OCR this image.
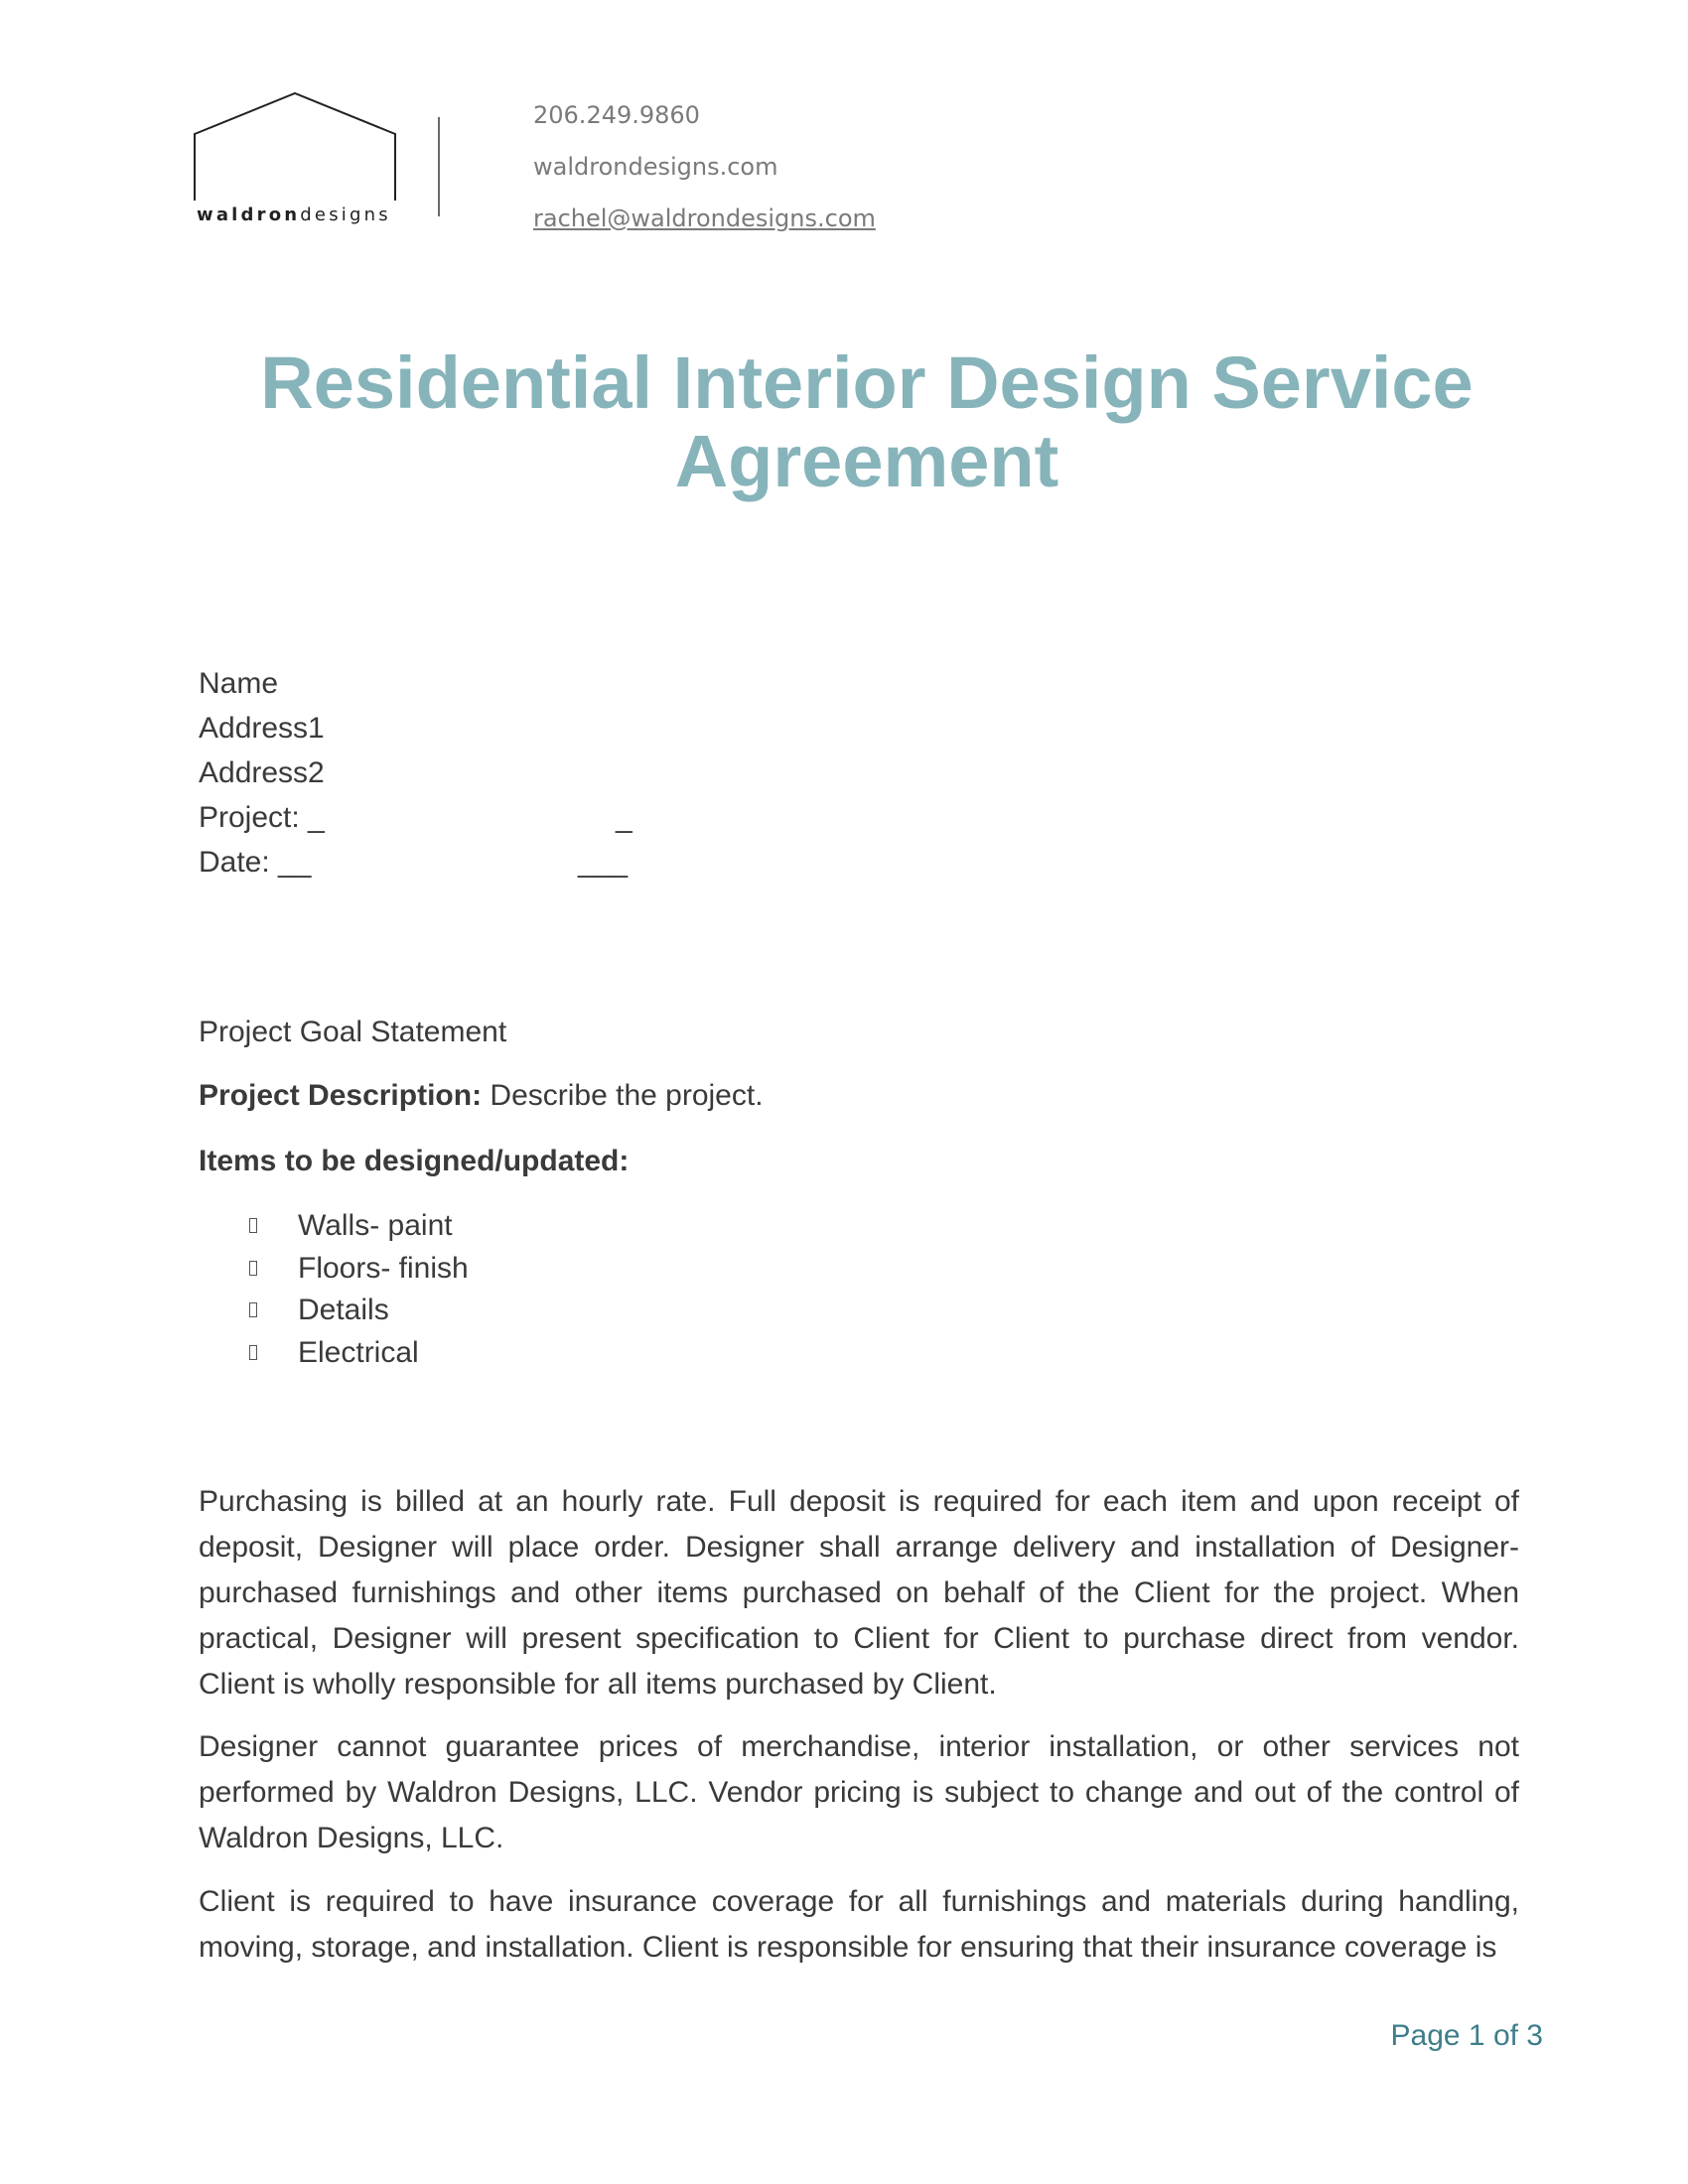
waldrondesigns
206.249.9860
waldrondesigns.com
rachel@waldrondesigns.com
Residential Interior Design Service Agreement
Name
Address1
Address2
Project: _	_
Date: __	___

Project Goal Statement

Project Description: Describe the project.

Items to be designed/updated:

Walls- paint
Floors- finish
Details
Electrical

Purchasing is billed at an hourly rate. Full deposit is required for each item and upon receipt of deposit, Designer will place order. Designer shall arrange delivery and installation of Designer-purchased furnishings and other items purchased on behalf of the Client for the project. When practical, Designer will present specification to Client for Client to purchase direct from vendor. Client is wholly responsible for all items purchased by Client.

Designer cannot guarantee prices of merchandise, interior installation, or other services not performed by Waldron Designs, LLC. Vendor pricing is subject to change and out of the control of Waldron Designs, LLC.

Client is required to have insurance coverage for all furnishings and materials during handling, moving, storage, and installation. Client is responsible for ensuring that their insurance coverage is

Page 1 of 3
